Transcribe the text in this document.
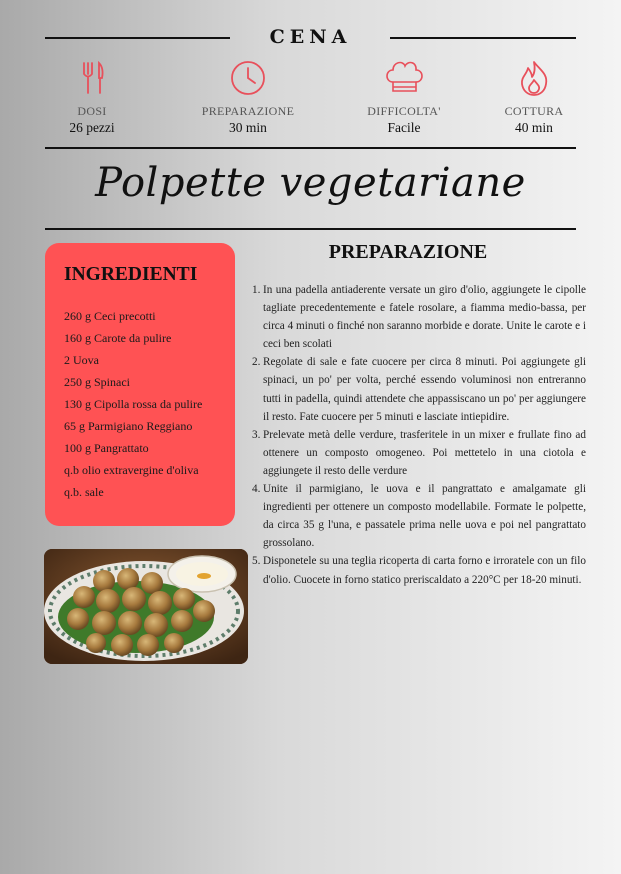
CENA
DOSI
26 pezzi
PREPARAZIONE
30 min
DIFFICOLTA'
Facile
COTTURA
40 min
Polpette vegetariane
INGREDIENTI
260 g Ceci precotti
160 g Carote da pulire
2 Uova
250 g Spinaci
130 g Cipolla rossa da pulire
65 g Parmigiano Reggiano
100 g Pangrattato
q.b olio extravergine d'oliva
q.b. sale
PREPARAZIONE
1. In una padella antiaderente versate un giro d'olio, aggiungete le cipolle tagliate precedentemente e fatele rosolare, a fiamma medio-bassa, per circa 4 minuti o finché non saranno morbide e dorate. Unite le carote e i ceci ben scolati
2. Regolate di sale e fate cuocere per circa 8 minuti. Poi aggiungete gli spinaci, un po' per volta, perché essendo voluminosi non entreranno tutti in padella, quindi attendete che appassiscano un po' per aggiungere il resto. Fate cuocere per 5 minuti e lasciate intiepidire.
3. Prelevate metà delle verdure, trasferitele in un mixer e frullate fino ad ottenere un composto omogeneo. Poi mettetelo in una ciotola e aggiungete il resto delle verdure
4. Unite il parmigiano, le uova e il pangrattato e amalgamate gli ingredienti per ottenere un composto modellabile. Formate le polpette, da circa 35 g l'una, e passatele prima nelle uova e poi nel pangrattato grossolano.
5. Disponetele su una teglia ricoperta di carta forno e irroratele con un filo d'olio. Cuocete in forno statico preriscaldato a 220°C per 18-20 minuti.
